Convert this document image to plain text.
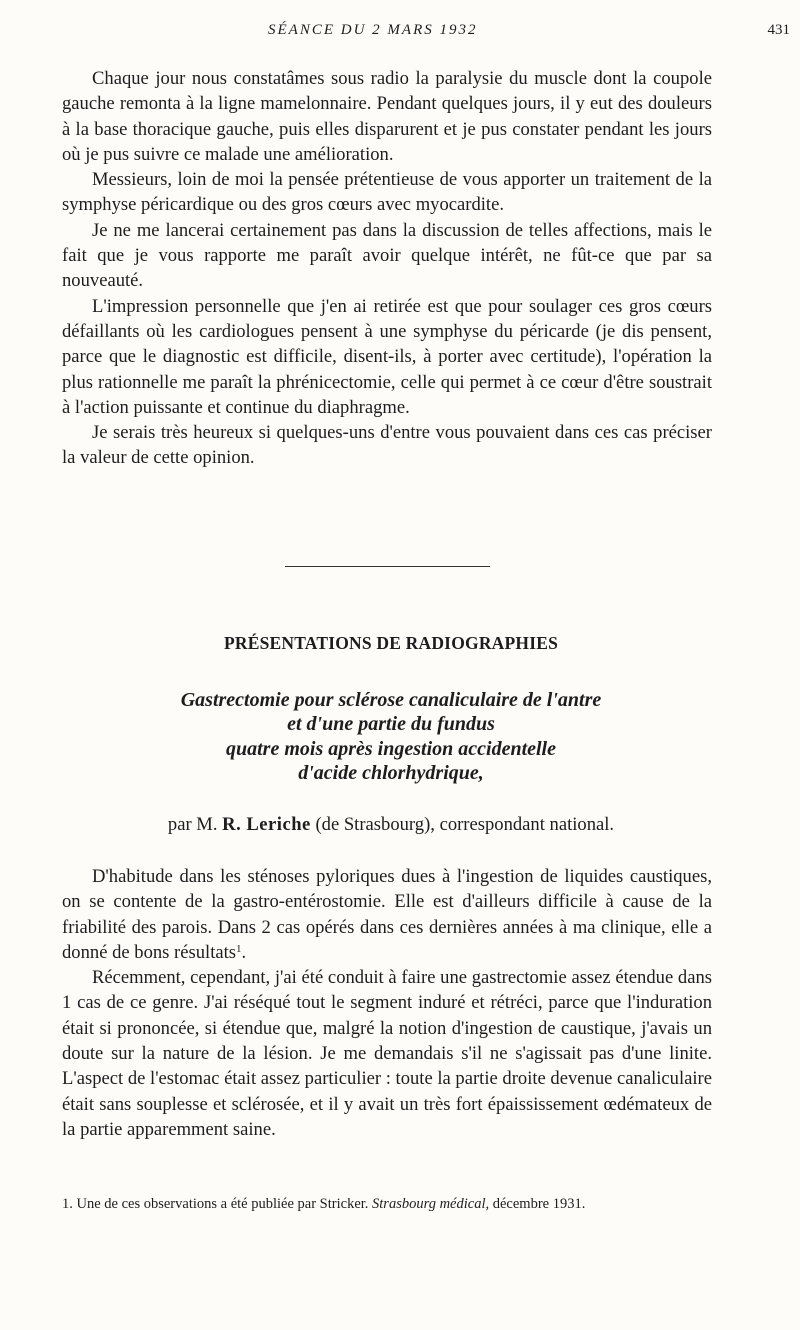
SÉANCE DU 2 MARS 1932	431

Chaque jour nous constatâmes sous radio la paralysie du muscle dont la coupole gauche remonta à la ligne mamelonnaire. Pendant quelques jours, il y eut des douleurs à la base thoracique gauche, puis elles disparurent et je pus constater pendant les jours où je pus suivre ce malade une amélioration.

Messieurs, loin de moi la pensée prétentieuse de vous apporter un traitement de la symphyse péricardique ou des gros cœurs avec myocardite.

Je ne me lancerai certainement pas dans la discussion de telles affections, mais le fait que je vous rapporte me paraît avoir quelque intérêt, ne fût-ce que par sa nouveauté.

L'impression personnelle que j'en ai retirée est que pour soulager ces gros cœurs défaillants où les cardiologues pensent à une symphyse du péricarde (je dis pensent, parce que le diagnostic est difficile, disent-ils, à porter avec certitude), l'opération la plus rationnelle me paraît la phrénicectomie, celle qui permet à ce cœur d'être soustrait à l'action puissante et continue du diaphragme.

Je serais très heureux si quelques-uns d'entre vous pouvaient dans ces cas préciser la valeur de cette opinion.

PRÉSENTATIONS DE RADIOGRAPHIES
Gastrectomie pour sclérose canaliculaire de l'antre
et d'une partie du fundus
quatre mois après ingestion accidentelle
d'acide chlorhydrique,
par M. R. Leriche (de Strasbourg), correspondant national.

D'habitude dans les sténoses pyloriques dues à l'ingestion de liquides caustiques, on se contente de la gastro-entérostomie. Elle est d'ailleurs difficile à cause de la friabilité des parois. Dans 2 cas opérés dans ces dernières années à ma clinique, elle a donné de bons résultats$^1$.

Récemment, cependant, j'ai été conduit à faire une gastrectomie assez étendue dans 1 cas de ce genre. J'ai réséqué tout le segment induré et rétréci, parce que l'induration était si prononcée, si étendue que, malgré la notion d'ingestion de caustique, j'avais un doute sur la nature de la lésion. Je me demandais s'il ne s'agissait pas d'une linite. L'aspect de l'estomac était assez particulier : toute la partie droite devenue canaliculaire était sans souplesse et sclérosée, et il y avait un très fort épaississement œdémateux de la partie apparemment saine.

1. Une de ces observations a été publiée par Stricker. Strasbourg médical, décembre 1931.
